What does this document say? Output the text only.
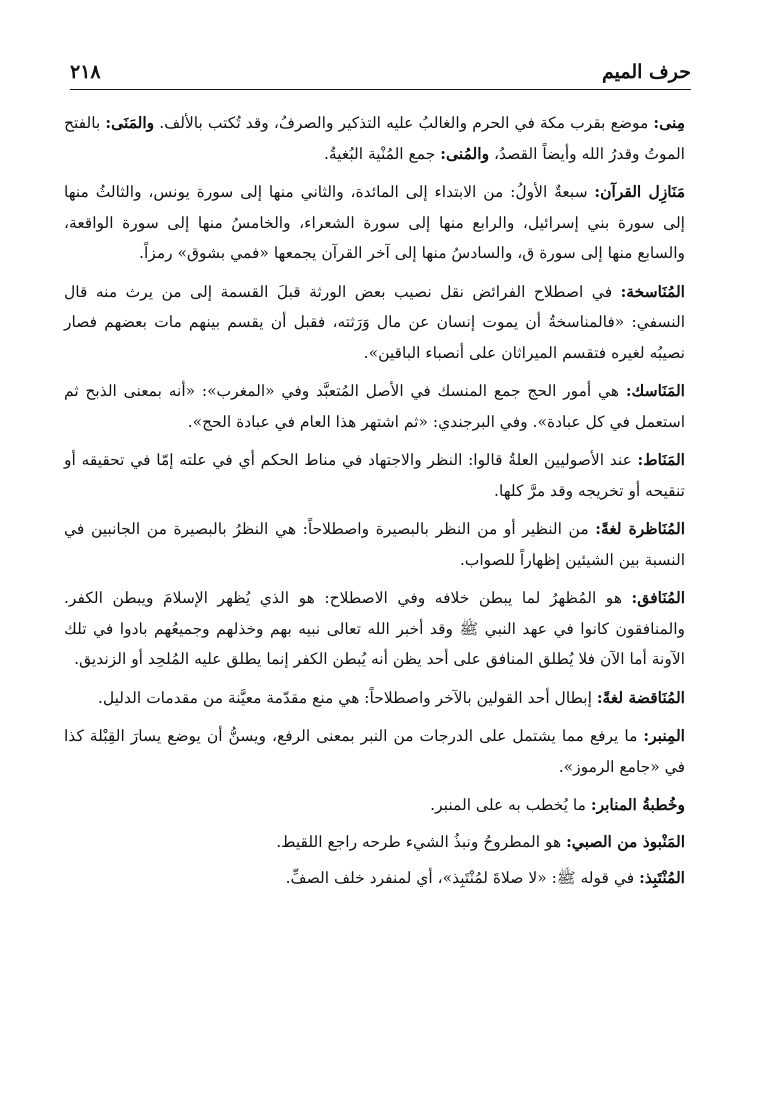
حرف الميم
٢١٨

مِنى: موضع بقرب مكة في الحرم والغالبُ عليه التذكير والصرفُ، وقد تُكتب بالألف. والمَنَى: بالفتح الموتُ وقدرُ الله وأيضاً القصدُ، والمُنى: جمع المُنْية البُغيةُ.

مَنَازِل القرآن: سبعةٌ الأولُ: من الابتداء إلى المائدة، والثاني منها إلى سورة يونس، والثالثُ منها إلى سورة بني إسرائيل، والرابع منها إلى سورة الشعراء، والخامسُ منها إلى سورة الواقعة، والسابع منها إلى سورة ق، والسادسُ منها إلى آخر القرآن يجمعها «فمي بشوق» رمزاً.

المُنَاسخة: في اصطلاح الفرائض نقل نصيب بعض الورثة قبلَ القسمة إلى من يرث منه قال النسفي: «فالمناسخةُ أن يموت إنسان عن مال وَرَثته، فقبل أن يقسم بينهم مات بعضهم فصار نصيبُه لغيره فتقسم الميراثان على أنصباء الباقين».

المَنَاسك: هي أمور الحج جمع المنسك في الأصل المُتعبَّد وفي «المغرب»: «أنه بمعنى الذبح ثم استعمل في كل عبادة». وفي البرجندي: «ثم اشتهر هذا العام في عبادة الحج».

المَنَاط: عند الأصوليين العلةُ قالوا: النظر والاجتهاد في مناط الحكم أي في علته إمّا في تحقيقه أو تنقيحه أو تخريجه وقد مرَّ كلها.

المُنَاظرة لغةً: من النظير أو من النظر بالبصيرة واصطلاحاً: هي النظرُ بالبصيرة من الجانبين في النسبة بين الشيئين إظهاراً للصواب.

المُنَافق: هو المُظهرُ لما يبطن خلافه وفي الاصطلاح: هو الذي يُظهر الإسلامَ ويبطن الكفر. والمنافقون كانوا في عهد النبي ﷺ وقد أخبر الله تعالى نبيه بهم وخذلهم وجميعُهم بادوا في تلك الآونة أما الآن فلا يُطلق المنافق على أحد يظن أنه يُبطن الكفر إنما يطلق عليه المُلحِد أو الزنديق.

المُنَاقضة لغةً: إبطال أحد القولين بالآخر واصطلاحاً: هي منع مقدّمة معيَّنة من مقدمات الدليل.

المِنبر: ما يرفع مما يشتمل على الدرجات من النبر بمعنى الرفع، ويسنُّ أن يوضع يسارَ القِبْلة كذا في «جامع الرموز».

وخُطبةُ المنابر: ما يُخطب به على المنبر.

المَنْبوذ من الصبي: هو المطروحُ ونبذُ الشيء طرحه راجع اللقيط.

المُنْتَبِذ: في قوله ﷺ: «لا صلاةَ لمُنْتَبِذ»، أي لمنفرد خلف الصفِّ.
